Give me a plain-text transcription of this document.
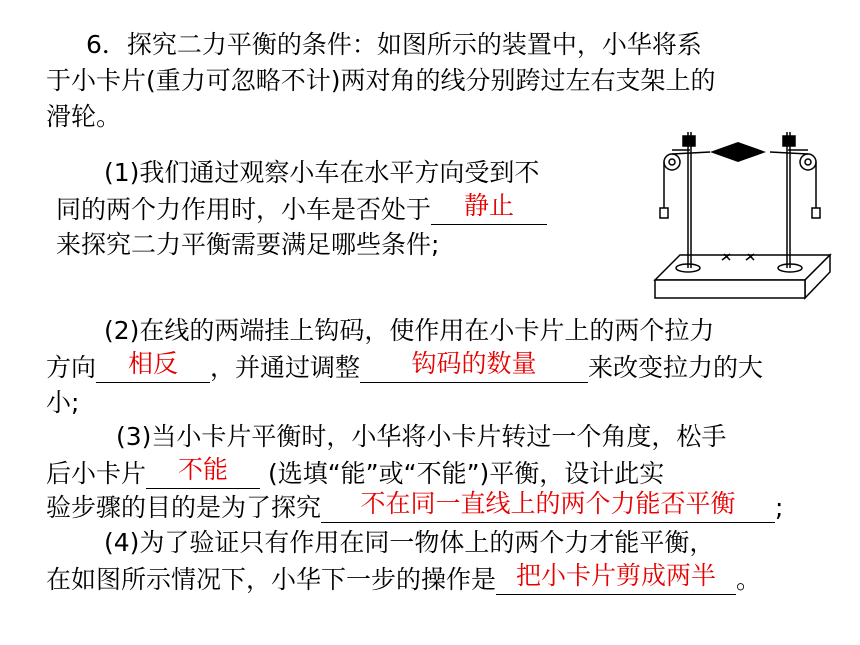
6．探究二力平衡的条件：如图所示的装置中，小华将系
于小卡片(重力可忽略不计)两对角的线分别跨过左右支架上的
滑轮。
(1)我们通过观察小车在水平方向受到不
同的两个力作用时，小车是否处于	静止
来探究二力平衡需要满足哪些条件;
(2)在线的两端挂上钩码，使作用在小卡片上的两个拉力
方向	相反	，并通过调整	钩码的数量	来改变拉力的大
小;
(3)当小卡片平衡时，小华将小卡片转过一个角度，松手
后小卡片	不能	(选填“能”或“不能”)平衡，设计此实
验步骤的目的是为了探究	不在同一直线上的两个力能否平衡	;
(4)为了验证只有作用在同一物体上的两个力才能平衡，
在如图所示情况下，小华下一步的操作是 把小卡片剪成两半 。
